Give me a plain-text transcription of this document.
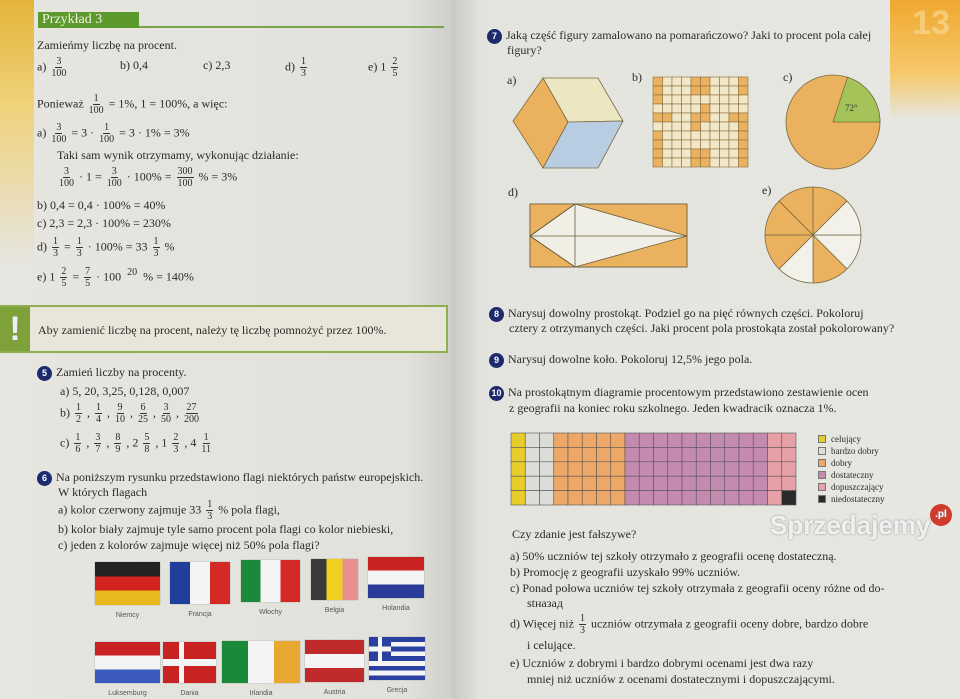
Przykład 3
Zamieńmy liczbę na procent.
$a) \frac{3}{100}$	b) 0,4	c) 2,3	$d) \frac{1}{3}$	e) $1 \frac{2}{5}$
Ponieważ $\frac{1}{100} = 1\%$, 1 = 100%, a więc:
$a) \frac{3}{100} = 3 \cdot \frac{1}{100} = 3 \cdot 1\% = 3\%$
Taki sam wynik otrzymamy, wykonując działanie:
$\frac{3}{100} \cdot 1 = \frac{3}{100} \cdot 100\% = \frac{300}{100}$ % = 3%
b) 0,4 = 0,4 · 100% = 40%
c) 2,3 = 2,3 · 100% = 230%
$d) \frac{1}{3} = \frac{1}{3} \cdot 100\% = 33 \frac{1}{3}$ %
e) $1 \frac{2}{5} = \frac{7}{5} \cdot 100$ 20 % = 140%
!	Aby zamienić liczbę na procent, należy tę liczbę pomnożyć przez 100%.
5 Zamień liczby na procenty.
a) 5, 20, 3,25, 0,128, 0,007
$b) \frac{1}{2}$ , $\frac{1}{4}$ , $\frac{9}{10}$ , $\frac{6}{25}$ , $\frac{3}{50}$ , $\frac{27}{200}$
$c) \frac{1}{6}$ , $\frac{3}{7}$ , $\frac{8}{9}$ , $2 \frac{5}{8}$ , $1 \frac{2}{3}$ , $4 \frac{1}{11}$
6 Na poniższym rysunku przedstawiono flagi niektórych państw europejskich.
W których flagach
a) kolor czerwony zajmuje $33 \frac{1}{3}$ % pola flagi,
b) kolor biały zajmuje tyle samo procent pola flagi co kolor niebieski,
c) jeden z kolorów zajmuje więcej niż 50% pola flagi?
Niemcy	Francja	Włochy	Belgia	Holandia
Luksemburg	Dania	Irlandia	Austria	Grecja
13
7 Jaką część figury zamalowano na pomarańczowo? Jaki to procent pola całej
figury?
a)	b)	c)
d)	e)
72°
8 Narysuj dowolny prostokąt. Podziel go na pięć równych części. Pokoloruj
cztery z otrzymanych części. Jaki procent pola prostokąta został pokolorowany?
9 Narysuj dowolne koło. Pokoloruj 12,5% jego pola.
10 Na prostokątnym diagramie procentowym przedstawiono zestawienie ocen
z geografii na koniec roku szkolnego. Jeden kwadracik oznacza 1%.
celujący
bardzo dobry
dobry
dostateczny
dopuszczający
niedostateczny
Czy zdanie jest fałszywe?
a) 50% uczniów tej szkoły otrzymało z geografii ocenę dostateczną.
b) Promocję z geografii uzyskało 99% uczniów.
c) Ponad połowa uczniów tej szkoły otrzymała z geografii oceny różne od do-
stназад
d) Więcej niż $\frac{1}{3}$ uczniów otrzymała z geografii oceny dobre, bardzo dobre
i celujące.
e) Uczniów z dobrymi i bardzo dobrymi ocenami jest dwa razy
mniej niż uczniów z ocenami dostatecznymi i dopuszczającymi.
Sprzedajemy .pl
